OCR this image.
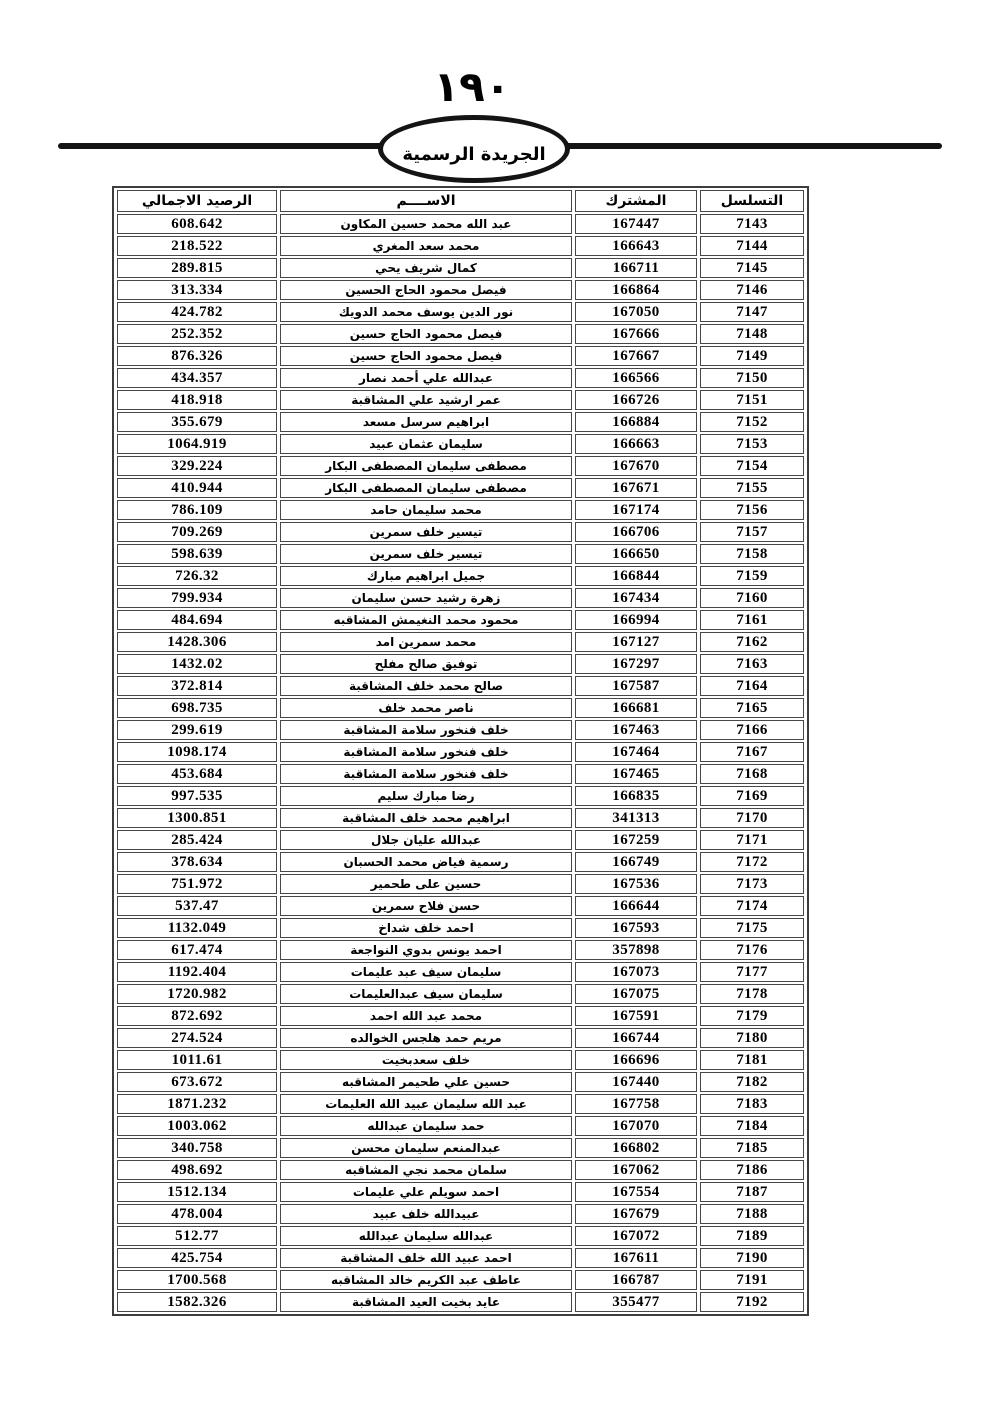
١٩٠
الجريدة الرسمية
التسلسل	المشترك	الاســــم	الرصيد الاجمالي
7143	167447	عبد الله محمد حسين المكاون	608.642
7144	166643	محمد سعد المغري	218.522
7145	166711	كمال شريف يحي	289.815
7146	166864	فيصل محمود الحاج الحسين	313.334
7147	167050	نور الدين يوسف محمد الدويك	424.782
7148	167666	فيصل محمود الحاج حسين	252.352
7149	167667	فيصل محمود الحاج حسين	876.326
7150	166566	عبدالله علي أحمد نصار	434.357
7151	166726	عمر ارشيد علي المشاقبة	418.918
7152	166884	ابراهيم سرسل مسعد	355.679
7153	166663	سليمان عثمان عبيد	1064.919
7154	167670	مصطفى سليمان المصطفى البكار	329.224
7155	167671	مصطفى سليمان المصطفى البكار	410.944
7156	167174	محمد سليمان حامد	786.109
7157	166706	تيسير خلف سمرين	709.269
7158	166650	تيسير خلف سمرين	598.639
7159	166844	جميل ابراهيم مبارك	726.32
7160	167434	زهرة رشيد حسن سليمان	799.934
7161	166994	محمود محمد النغيمش المشاقبه	484.694
7162	167127	محمد سمرين امد	1428.306
7163	167297	توفيق صالح مفلح	1432.02
7164	167587	صالح محمد خلف المشاقبة	372.814
7165	166681	ناصر محمد خلف	698.735
7166	167463	خلف فنخور سلامة المشاقبة	299.619
7167	167464	خلف فنخور سلامة المشاقبة	1098.174
7168	167465	خلف فنخور سلامة المشاقبة	453.684
7169	166835	رضا مبارك سليم	997.535
7170	341313	ابراهيم محمد خلف المشاقبة	1300.851
7171	167259	عبدالله عليان جلال	285.424
7172	166749	رسمية فياض محمد الحسبان	378.634
7173	167536	حسين على طحمير	751.972
7174	166644	حسن فلاح سمرين	537.47
7175	167593	احمد خلف شداخ	1132.049
7176	357898	احمد يونس بدوي النواجعة	617.474
7177	167073	سليمان سيف عبد عليمات	1192.404
7178	167075	سليمان سيف عبدالعليمات	1720.982
7179	167591	محمد عبد الله احمد	872.692
7180	166744	مريم حمد هلجس الخوالده	274.524
7181	166696	خلف سعدبخيت	1011.61
7182	167440	حسين علي طحيمر المشاقبه	673.672
7183	167758	عبد الله سليمان عبيد الله العليمات	1871.232
7184	167070	حمد سليمان عبدالله	1003.062
7185	166802	عبدالمنعم سليمان محسن	340.758
7186	167062	سلمان محمد نجي المشاقبه	498.692
7187	167554	احمد سويلم علي عليمات	1512.134
7188	167679	عبيدالله خلف عبيد	478.004
7189	167072	عبدالله سليمان عبدالله	512.77
7190	167611	احمد عبيد الله خلف المشاقبة	425.754
7191	166787	عاطف عبد الكريم خالد المشاقبه	1700.568
7192	355477	عايد بخيت العيد المشاقبة	1582.326
